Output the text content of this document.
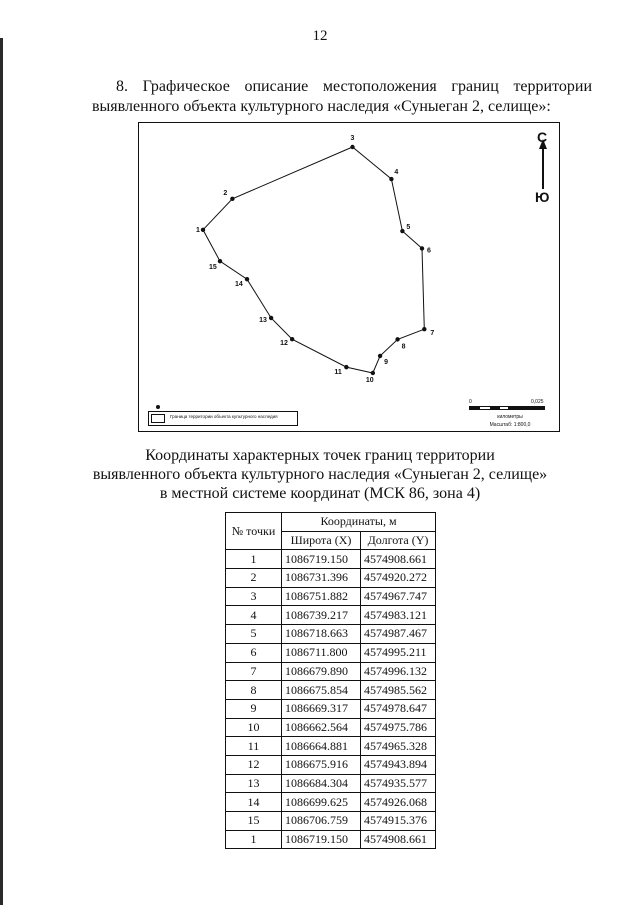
12
8. Графическое описание местоположения границ территории
выявленного объекта культурного наследия «Суныеган 2, селище»:
1
2
3
4
5
6
7
8
9
10
11
12
13
14
15
С
Ю
Граница территории объекта культурного наследия
0	0,025
километры
Масштаб: 1:800,0
Координаты характерных точек границ территории
выявленного объекта культурного наследия «Суныеган 2, селище»
в местной системе координат (МСК 86, зона 4)
№ точки	Координаты, м	
	Широта (X)	Долгота (Y)
1	1086719.150	4574908.661
2	1086731.396	4574920.272
3	1086751.882	4574967.747
4	1086739.217	4574983.121
5	1086718.663	4574987.467
6	1086711.800	4574995.211
7	1086679.890	4574996.132
8	1086675.854	4574985.562
9	1086669.317	4574978.647
10	1086662.564	4574975.786
11	1086664.881	4574965.328
12	1086675.916	4574943.894
13	1086684.304	4574935.577
14	1086699.625	4574926.068
15	1086706.759	4574915.376
1	1086719.150	4574908.661
